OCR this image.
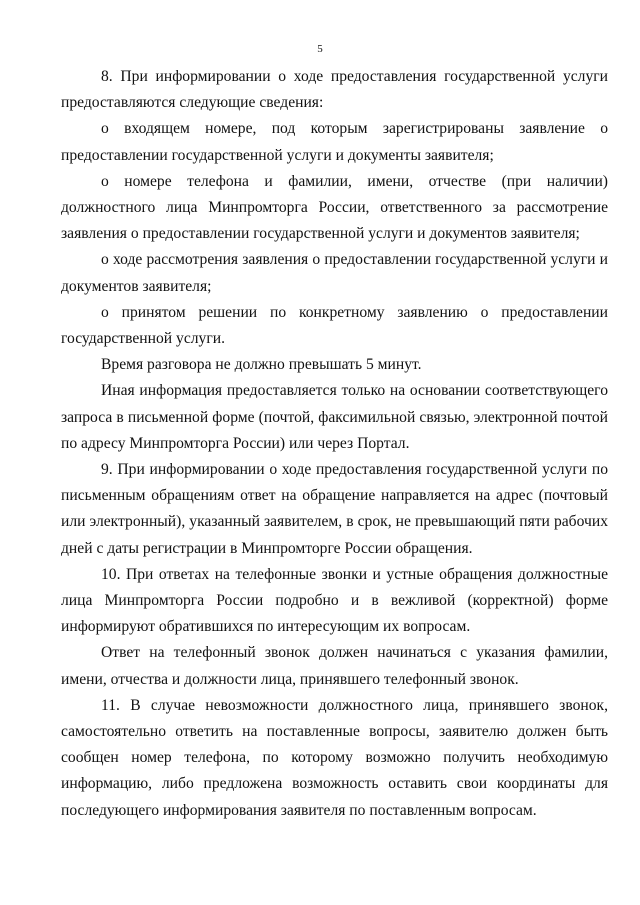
5

8. При информировании о ходе предоставления государственной услуги предоставляются следующие сведения:

о входящем номере, под которым зарегистрированы заявление о предоставлении государственной услуги и документы заявителя;

о номере телефона и фамилии, имени, отчестве (при наличии) должностного лица Минпромторга России, ответственного за рассмотрение заявления о предоставлении государственной услуги и документов заявителя;

о ходе рассмотрения заявления о предоставлении государственной услуги и документов заявителя;

о принятом решении по конкретному заявлению о предоставлении государственной услуги.

Время разговора не должно превышать 5 минут.

Иная информация предоставляется только на основании соответствующего запроса в письменной форме (почтой, факсимильной связью, электронной почтой по адресу Минпромторга России) или через Портал.

9. При информировании о ходе предоставления государственной услуги по письменным обращениям ответ на обращение направляется на адрес (почтовый или электронный), указанный заявителем, в срок, не превышающий пяти рабочих дней с даты регистрации в Минпромторге России обращения.

10. При ответах на телефонные звонки и устные обращения должностные лица Минпромторга России подробно и в вежливой (корректной) форме информируют обратившихся по интересующим их вопросам.

Ответ на телефонный звонок должен начинаться с указания фамилии, имени, отчества и должности лица, принявшего телефонный звонок.

11. В случае невозможности должностного лица, принявшего звонок, самостоятельно ответить на поставленные вопросы, заявителю должен быть сообщен номер телефона, по которому возможно получить необходимую информацию, либо предложена возможность оставить свои координаты для последующего информирования заявителя по поставленным вопросам.
